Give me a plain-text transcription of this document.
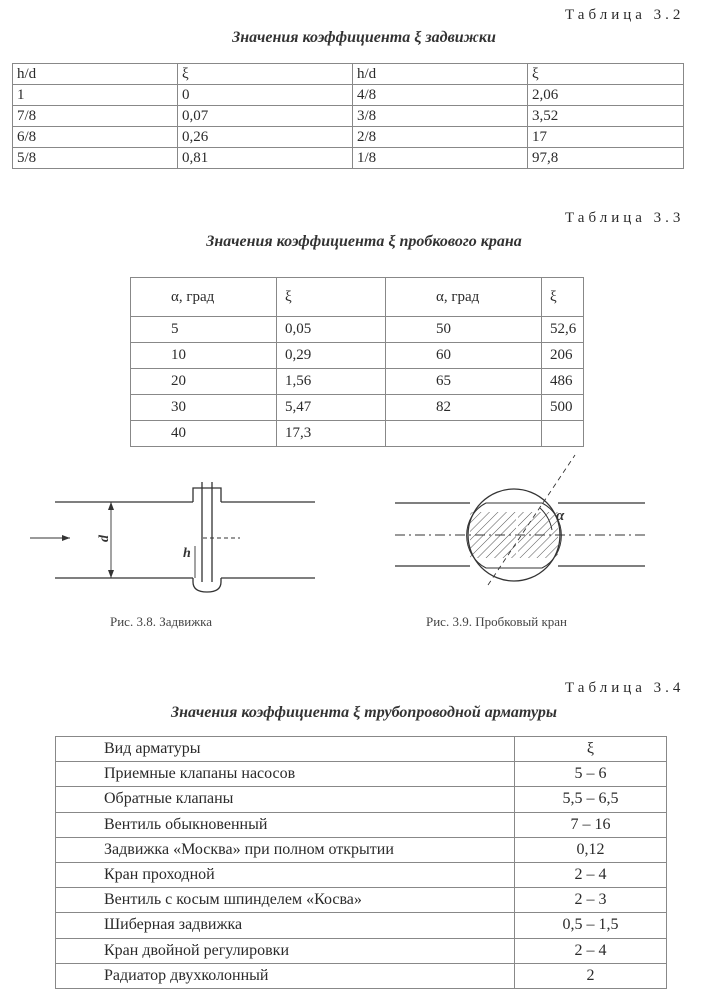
Таблица 3.2
Значения коэффициента ξ задвижки
h/d	ξ	h/d	ξ
1	0	4/8	2,06
7/8	0,07	3/8	3,52
6/8	0,26	2/8	17
5/8	0,81	1/8	97,8
Таблица 3.3
Значения коэффициента ξ пробкового крана
α, град	ξ	α, град	ξ
5	0,05	50	52,6
10	0,29	60	206
20	1,56	65	486
30	5,47	82	500
40	17,3		
d
h
α
Рис. 3.8. Задвижка	Рис. 3.9. Пробковый кран
Таблица 3.4
Значения коэффициента ξ трубопроводной арматуры
Вид арматуры	ξ
Приемные клапаны насосов	5 – 6
Обратные клапаны	5,5 – 6,5
Вентиль обыкновенный	7 – 16
Задвижка «Москва» при полном открытии	0,12
Кран проходной	2 – 4
Вентиль с косым шпинделем «Косва»	2 – 3
Шиберная задвижка	0,5 – 1,5
Кран двойной регулировки	2 – 4
Радиатор двухколонный	2
